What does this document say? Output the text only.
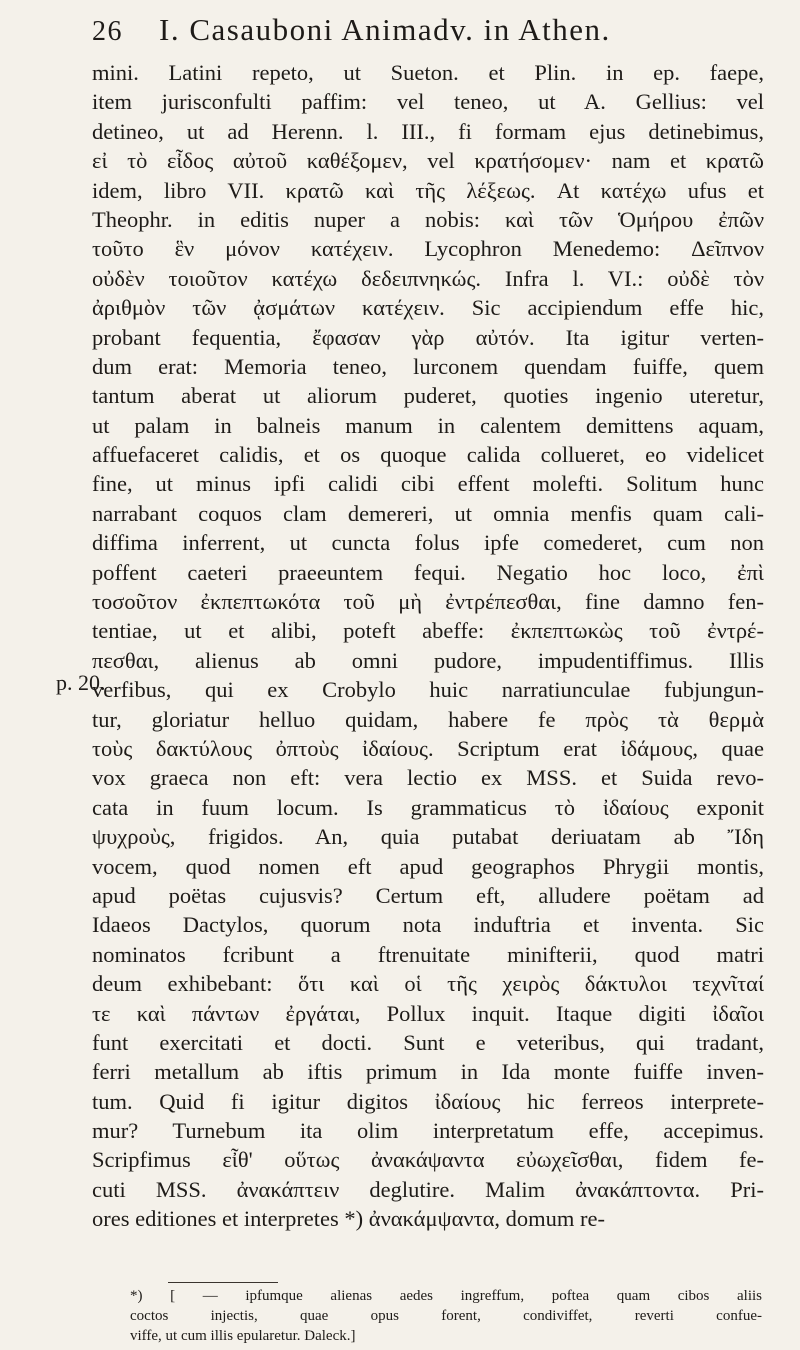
26 I. Casauboni Animadv. in Athen.
p. 20.
mini. Latini repeto, ut Sueton. et Plin. in ep. faepe,
item jurisconfulti paffim: vel teneo, ut A. Gellius: vel
detineo, ut ad Herenn. l. III., fi formam ejus detinebimus,
εἰ τὸ εἶδος αὐτοῦ καθέξομεν, vel κρατήσομεν· nam et κρατῶ
idem, libro VII. κρατῶ καὶ τῆς λέξεως. At κατέχω ufus et
Theophr. in editis nuper a nobis: καὶ τῶν Ὁμήρου ἐπῶν
τοῦτο ἓν μόνον κατέχειν. Lycophron Menedemo: Δεῖπνον
οὐδὲν τοιοῦτον κατέχω δεδειπνηκώς. Infra l. VI.: οὐδὲ τὸν
ἀριθμὸν τῶν ᾀσμάτων κατέχειν. Sic accipiendum effe hic,
probant fequentia, ἔφασαν γὰρ αὐτόν. Ita igitur verten-
dum erat: Memoria teneo, lurconem quendam fuiffe, quem
tantum aberat ut aliorum puderet, quoties ingenio uteretur,
ut palam in balneis manum in calentem demittens aquam,
affuefaceret calidis, et os quoque calida collueret, eo videlicet
fine, ut minus ipfi calidi cibi effent molefti. Solitum hunc
narrabant coquos clam demereri, ut omnia menfis quam cali-
diffima inferrent, ut cuncta folus ipfe comederet, cum non
poffent caeteri praeeuntem fequi. Negatio hoc loco, ἐπὶ
τοσοῦτον ἐκπεπτωκότα τοῦ μὴ ἐντρέπεσθαι, fine damno fen-
tentiae, ut et alibi, poteft abeffe: ἐκπεπτωκὼς τοῦ ἐντρέ-
πεσθαι, alienus ab omni pudore, impudentiffimus. Illis
verfibus, qui ex Crobylo huic narratiunculae fubjungun-
tur, gloriatur helluo quidam, habere fe πρὸς τὰ θερμὰ
τοὺς δακτύλους ὀπτοὺς ἰδαίους. Scriptum erat ἰδάμους, quae
vox graeca non eft: vera lectio ex MSS. et Suida revo-
cata in fuum locum. Is grammaticus τὸ ἰδαίους exponit
ψυχροὺς, frigidos. An, quia putabat deriuatam ab Ἴδη
vocem, quod nomen eft apud geographos Phrygii montis,
apud poëtas cujusvis? Certum eft, alludere poëtam ad
Idaeos Dactylos, quorum nota induftria et inventa. Sic
nominatos fcribunt a ftrenuitate minifterii, quod matri
deum exhibebant: ὅτι καὶ οἱ τῆς χειρὸς δάκτυλοι τεχνῖταί
τε καὶ πάντων ἐργάται, Pollux inquit. Itaque digiti ἰδαῖοι
funt exercitati et docti. Sunt e veteribus, qui tradant,
ferri metallum ab iftis primum in Ida monte fuiffe inven-
tum. Quid fi igitur digitos ἰδαίους hic ferreos interprete-
mur? Turnebum ita olim interpretatum effe, accepimus.
Scripfimus εἶθ' οὕτως ἀνακάψαντα εὐωχεῖσθαι, fidem fe-
cuti MSS. ἀνακάπτειν deglutire. Malim ἀνακάπτοντα. Pri-
ores editiones et interpretes *) ἀνακάμψαντα, domum re-
*) [ — ipfumque alienas aedes ingreffum, poftea quam cibos aliis
coctos injectis, quae opus forent, condiviffet, reverti confue-
viffe, ut cum illis epularetur. Daleck.]
